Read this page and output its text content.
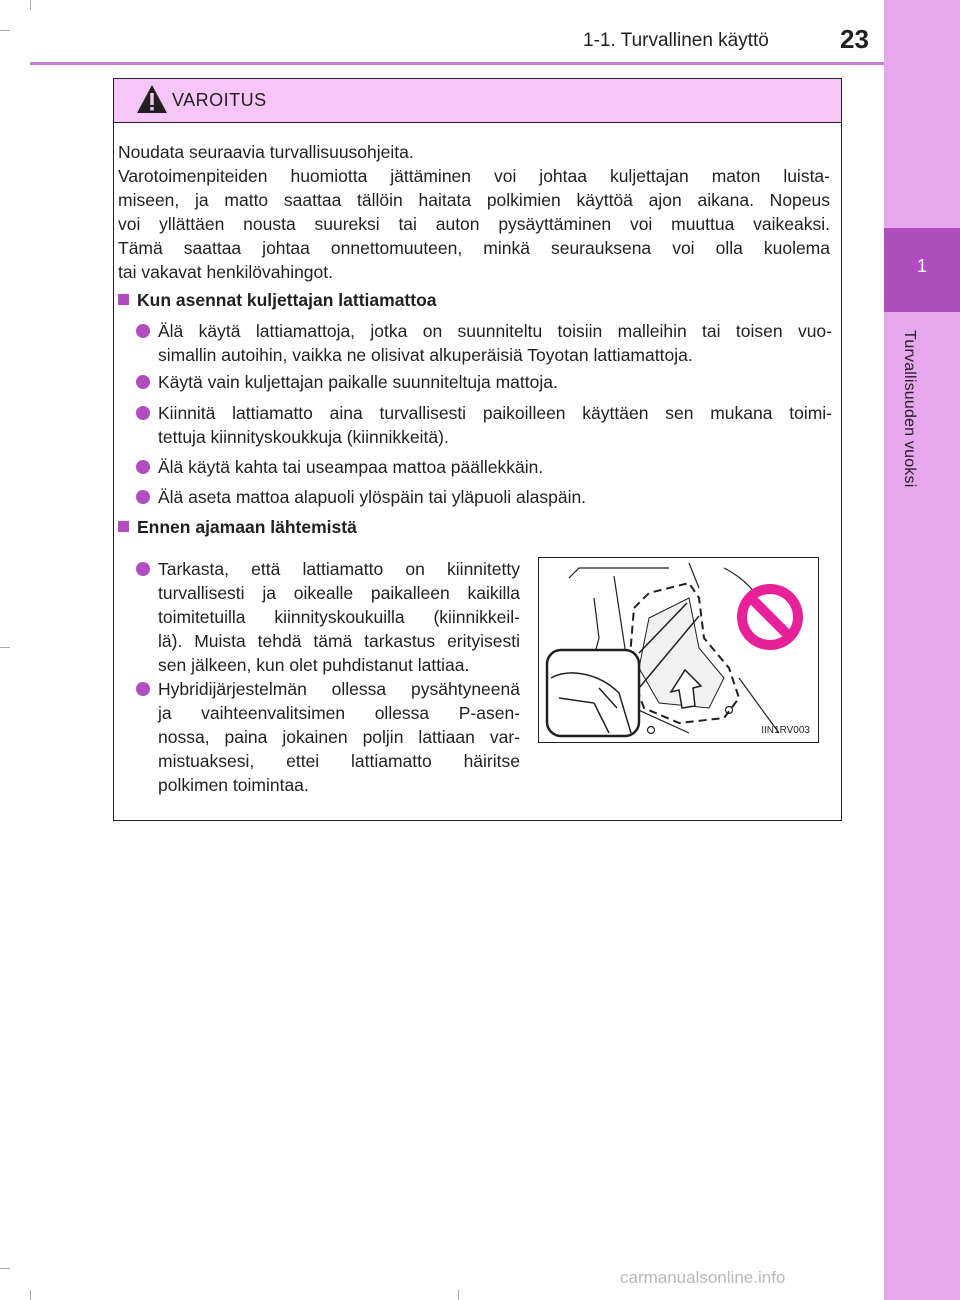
1-1. Turvallinen käyttö	23
1
Turvallisuuden vuoksi
VAROITUS
Noudata seuraavia turvallisuusohjeita.
Varotoimenpiteiden huomiotta jättäminen voi johtaa kuljettajan maton luista-
miseen, ja matto saattaa tällöin haitata polkimien käyttöä ajon aikana. Nopeus
voi yllättäen nousta suureksi tai auton pysäyttäminen voi muuttua vaikeaksi.
Tämä saattaa johtaa onnettomuuteen, minkä seurauksena voi olla kuolema
tai vakavat henkilövahingot.
Kun asennat kuljettajan lattiamattoa
Älä käytä lattiamattoja, jotka on suunniteltu toisiin malleihin tai toisen vuo-
simallin autoihin, vaikka ne olisivat alkuperäisiä Toyotan lattiamattoja.
Käytä vain kuljettajan paikalle suunniteltuja mattoja.
Kiinnitä lattiamatto aina turvallisesti paikoilleen käyttäen sen mukana toimi-
tettuja kiinnityskoukkuja (kiinnikkeitä).
Älä käytä kahta tai useampaa mattoa päällekkäin.
Älä aseta mattoa alapuoli ylöspäin tai yläpuoli alaspäin.
Ennen ajamaan lähtemistä
Tarkasta, että lattiamatto on kiinnitetty
turvallisesti ja oikealle paikalleen kaikilla
toimitetuilla kiinnityskoukuilla (kiinnikkeil-
lä). Muista tehdä tämä tarkastus erityisesti
sen jälkeen, kun olet puhdistanut lattiaa.
Hybridijärjestelmän ollessa pysähtyneenä
ja vaihteenvalitsimen ollessa P-asen-
nossa, paina jokainen poljin lattiaan var-
mistuaksesi, ettei lattiamatto häiritse
polkimen toimintaa.
IIN1RV003
carmanualsonline.info
